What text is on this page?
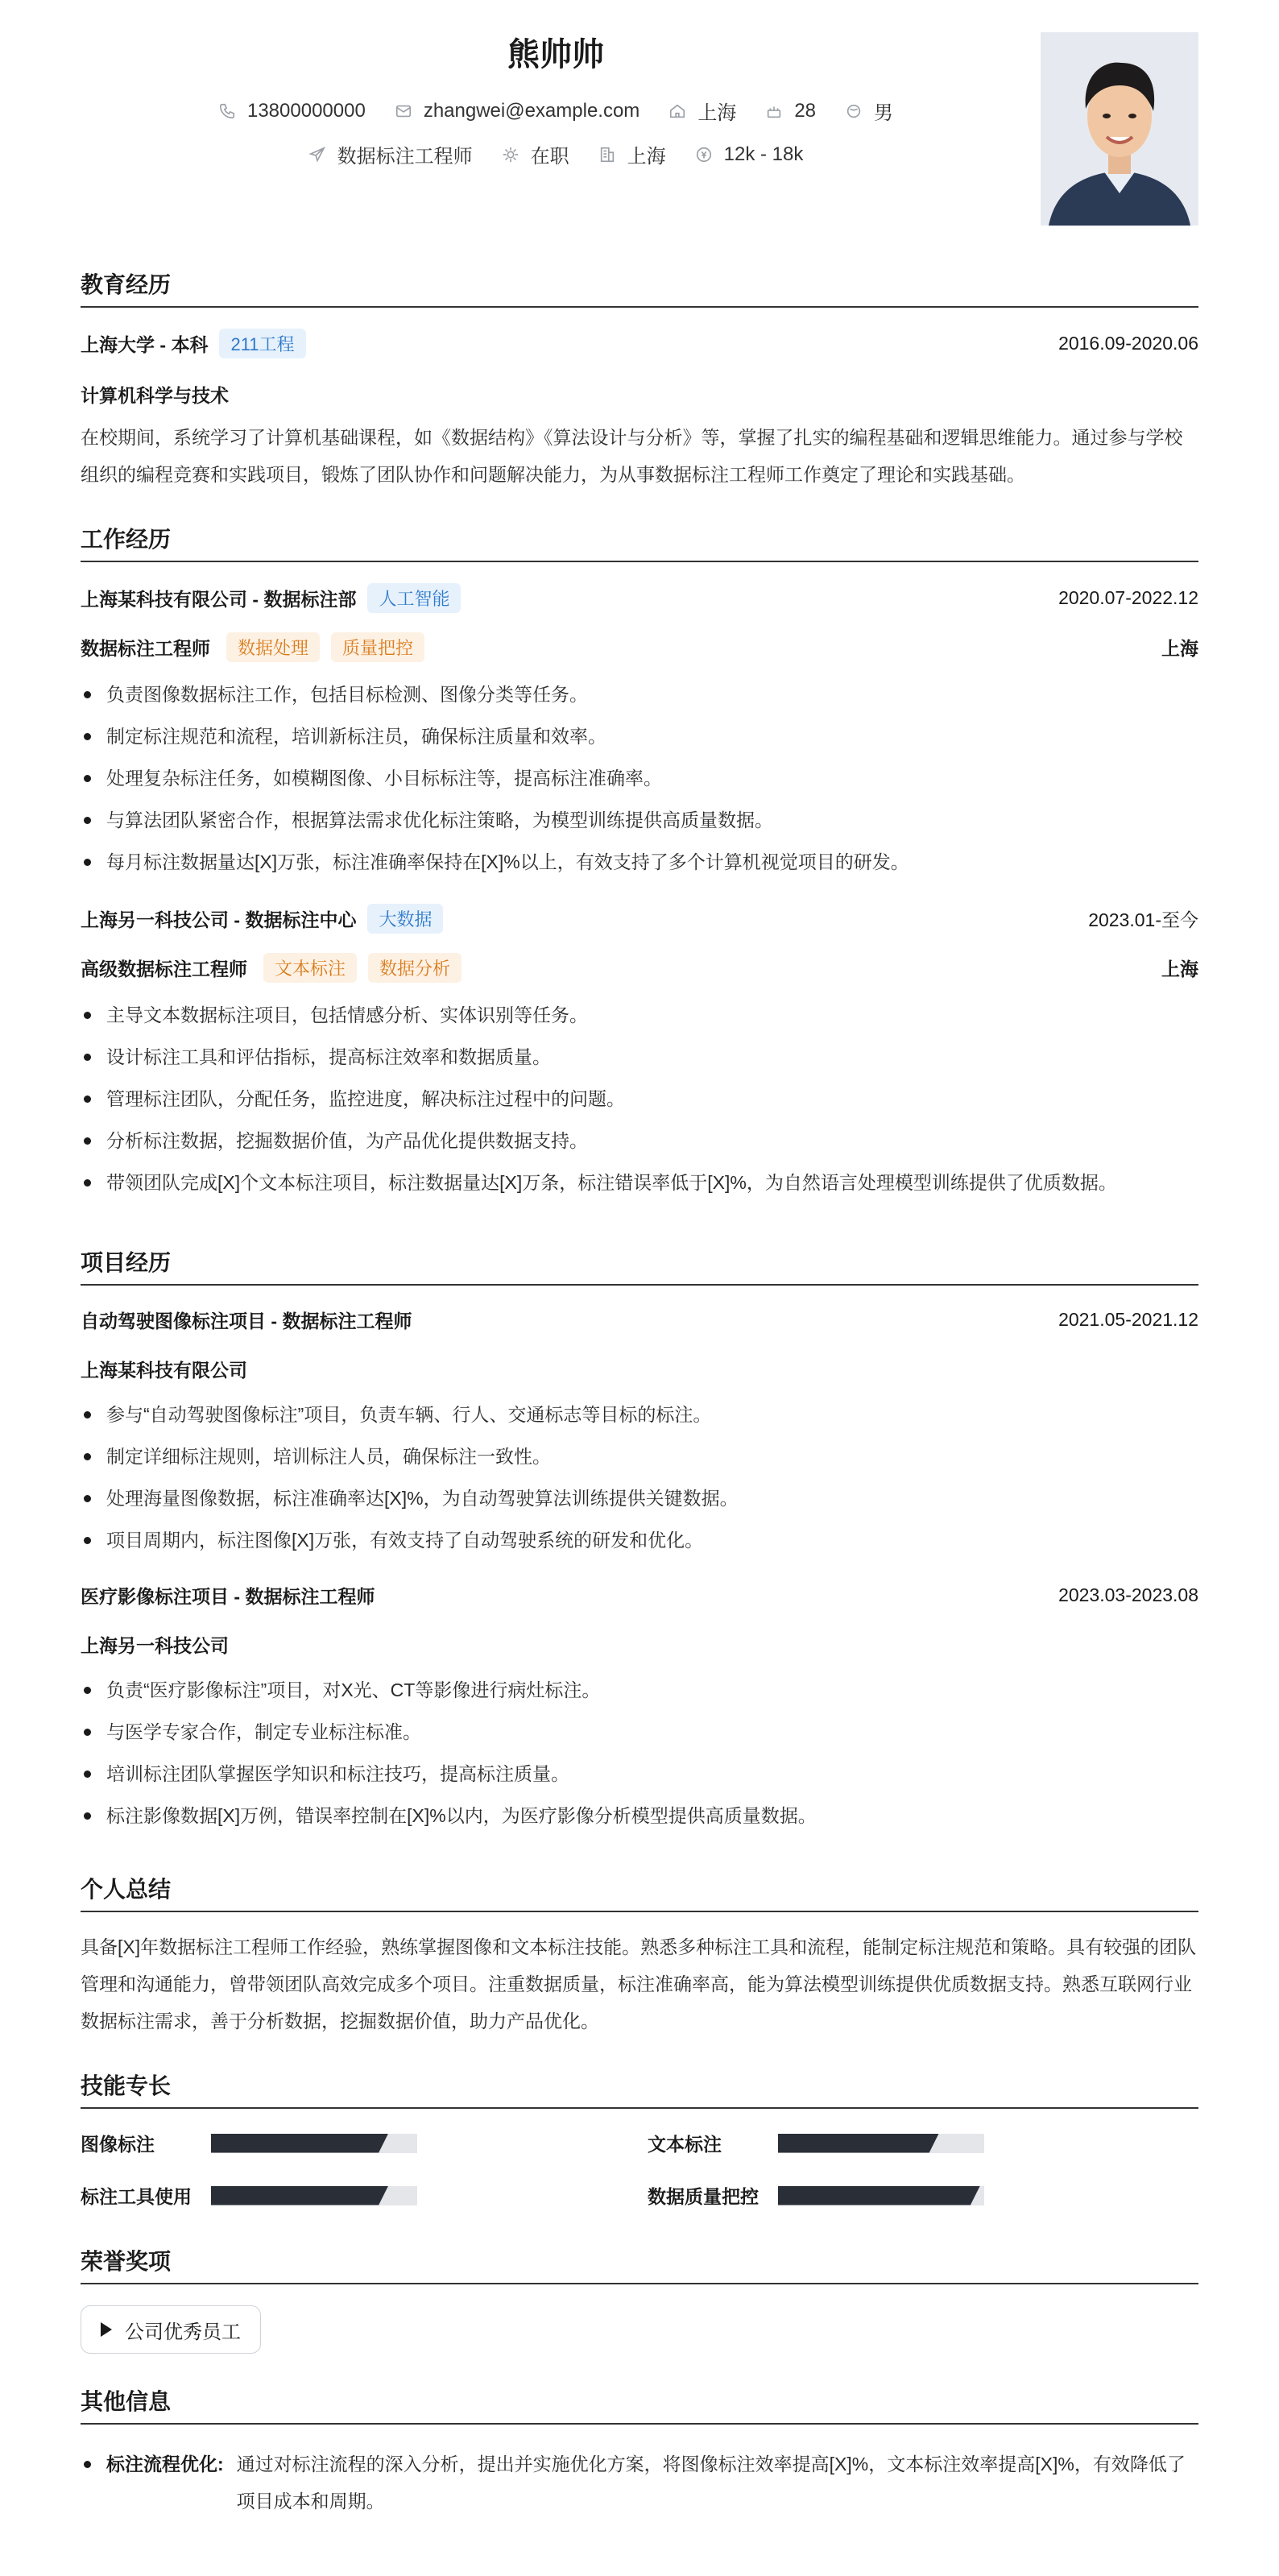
熊帅帅
13800000000	zhangwei@example.com	上海	28	男
数据标注工程师	在职	上海	12k - 18k
教育经历
上海大学 - 本科	211工程	2016.09-2020.06
计算机科学与技术
在校期间，系统学习了计算机基础课程，如《数据结构》《算法设计与分析》等，掌握了扎实的编程基础和逻辑思维能力。通过参与学校组织的编程竞赛和实践项目，锻炼了团队协作和问题解决能力，为从事数据标注工程师工作奠定了理论和实践基础。
工作经历
上海某科技有限公司 - 数据标注部	人工智能	2020.07-2022.12
数据标注工程师	数据处理	质量把控	上海
负责图像数据标注工作，包括目标检测、图像分类等任务。
制定标注规范和流程，培训新标注员，确保标注质量和效率。
处理复杂标注任务，如模糊图像、小目标标注等，提高标注准确率。
与算法团队紧密合作，根据算法需求优化标注策略，为模型训练提供高质量数据。
每月标注数据量达[X]万张，标注准确率保持在[X]%以上，有效支持了多个计算机视觉项目的研发。
上海另一科技公司 - 数据标注中心	大数据	2023.01-至今
高级数据标注工程师	文本标注	数据分析	上海
主导文本数据标注项目，包括情感分析、实体识别等任务。
设计标注工具和评估指标，提高标注效率和数据质量。
管理标注团队，分配任务，监控进度，解决标注过程中的问题。
分析标注数据，挖掘数据价值，为产品优化提供数据支持。
带领团队完成[X]个文本标注项目，标注数据量达[X]万条，标注错误率低于[X]%，为自然语言处理模型训练提供了优质数据。
项目经历
自动驾驶图像标注项目 - 数据标注工程师	2021.05-2021.12
上海某科技有限公司
参与“自动驾驶图像标注”项目，负责车辆、行人、交通标志等目标的标注。
制定详细标注规则，培训标注人员，确保标注一致性。
处理海量图像数据，标注准确率达[X]%，为自动驾驶算法训练提供关键数据。
项目周期内，标注图像[X]万张，有效支持了自动驾驶系统的研发和优化。
医疗影像标注项目 - 数据标注工程师	2023.03-2023.08
上海另一科技公司
负责“医疗影像标注”项目，对X光、CT等影像进行病灶标注。
与医学专家合作，制定专业标注标准。
培训标注团队掌握医学知识和标注技巧，提高标注质量。
标注影像数据[X]万例，错误率控制在[X]%以内，为医疗影像分析模型提供高质量数据。
个人总结
具备[X]年数据标注工程师工作经验，熟练掌握图像和文本标注技能。熟悉多种标注工具和流程，能制定标注规范和策略。具有较强的团队管理和沟通能力，曾带领团队高效完成多个项目。注重数据质量，标注准确率高，能为算法模型训练提供优质数据支持。熟悉互联网行业数据标注需求，善于分析数据，挖掘数据价值，助力产品优化。
技能专长
图像标注	文本标注
标注工具使用	数据质量把控
荣誉奖项
公司优秀员工
其他信息
标注流程优化: 通过对标注流程的深入分析，提出并实施优化方案，将图像标注效率提高[X]%，文本标注效率提高[X]%，有效降低了项目成本和周期。
